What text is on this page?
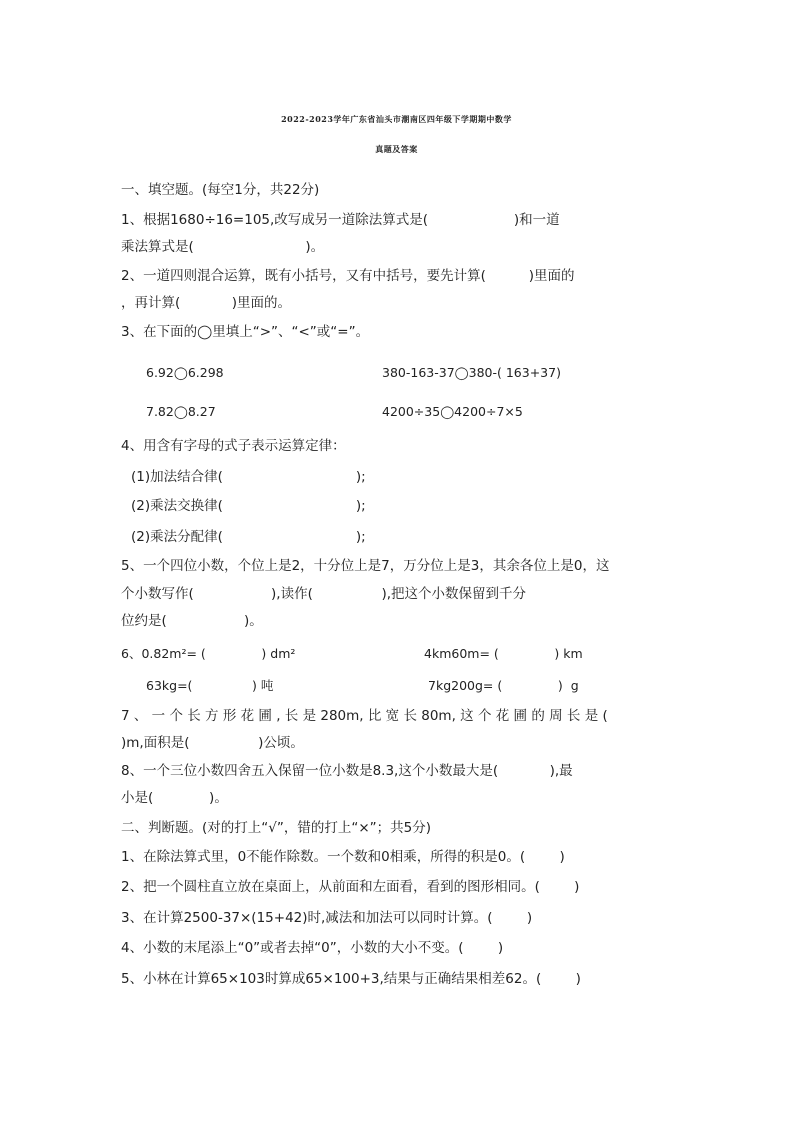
2022-2023学年广东省汕头市潮南区四年级下学期期中数学
真题及答案
一、填空题。(每空1分，共22分)
1、根据1680÷16=105,改写成另一道除法算式是(                    )和一道
乘法算式是(                          )。
2、一道四则混合运算，既有小括号，又有中括号，要先计算(          )里面的
，再计算(            )里面的。
3、在下面的◯里填上“>”、“<”或“=”。
6.92◯6.298	380-163-37◯380-( 163+37)
7.82◯8.27	4200÷35◯4200÷7×5
4、用含有字母的式子表示运算定律：
(1)加法结合律(                               );
(2)乘法交换律(                               );
(2)乘法分配律(                               );
5、一个四位小数，个位上是2，十分位上是7，万分位上是3，其余各位上是0，这
个小数写作(                  ),读作(                ),把这个小数保留到千分
位约是(                  )。
6、0.82m²= (              ) dm²	4km60m= (              ) km
63kg=(               ) 吨	7kg200g= (              )  g
7 、 一 个 长 方 形 花 圃 , 长 是 280m, 比 宽 长 80m, 这 个 花 圃 的 周 长 是 (
)m,面积是(                )公顷。
8、一个三位小数四舍五入保留一位小数是8.3,这个小数最大是(            ),最
小是(             )。
二、判断题。(对的打上“√”，错的打上“×”；共5分)
1、在除法算式里，0不能作除数。一个数和0相乘，所得的积是0。(        )
2、把一个圆柱直立放在桌面上，从前面和左面看，看到的图形相同。(        )
3、在计算2500-37×(15+42)时,减法和加法可以同时计算。(        )
4、小数的末尾添上“0”或者去掉“0”，小数的大小不变。(        )
5、小林在计算65×103时算成65×100+3,结果与正确结果相差62。(        )
